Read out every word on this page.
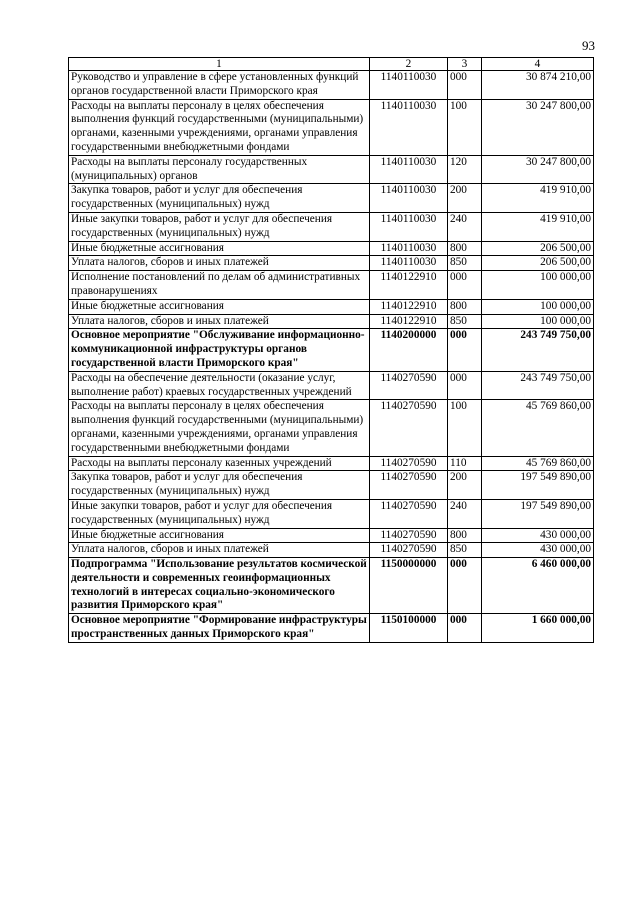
93
1	2	3	4
Руководство и управление в сфере установленных функций органов государственной власти Приморского края	1140110030	000	30 874 210,00
Расходы на выплаты персоналу в целях обеспечения выполнения функций государственными (муниципальными) органами, казенными учреждениями, органами управления государственными внебюджетными фондами	1140110030	100	30 247 800,00
Расходы на выплаты персоналу государственных (муниципальных) органов	1140110030	120	30 247 800,00
Закупка товаров, работ и услуг для обеспечения государственных (муниципальных) нужд	1140110030	200	419 910,00
Иные закупки товаров, работ и услуг для обеспечения государственных (муниципальных) нужд	1140110030	240	419 910,00
Иные бюджетные ассигнования	1140110030	800	206 500,00
Уплата налогов, сборов и иных платежей	1140110030	850	206 500,00
Исполнение постановлений по делам об административных правонарушениях	1140122910	000	100 000,00
Иные бюджетные ассигнования	1140122910	800	100 000,00
Уплата налогов, сборов и иных платежей	1140122910	850	100 000,00
Основное мероприятие "Обслуживание информационно-коммуникационной инфраструктуры органов государственной власти Приморского края"	1140200000	000	243 749 750,00
Расходы на обеспечение деятельности (оказание услуг, выполнение работ) краевых государственных учреждений	1140270590	000	243 749 750,00
Расходы на выплаты персоналу в целях обеспечения выполнения функций государственными (муниципальными) органами, казенными учреждениями, органами управления государственными внебюджетными фондами	1140270590	100	45 769 860,00
Расходы на выплаты персоналу казенных учреждений	1140270590	110	45 769 860,00
Закупка товаров, работ и услуг для обеспечения государственных (муниципальных) нужд	1140270590	200	197 549 890,00
Иные закупки товаров, работ и услуг для обеспечения государственных (муниципальных) нужд	1140270590	240	197 549 890,00
Иные бюджетные ассигнования	1140270590	800	430 000,00
Уплата налогов, сборов и иных платежей	1140270590	850	430 000,00
Подпрограмма "Использование результатов космической деятельности и современных геоинформационных технологий в интересах социально-экономического развития Приморского края"	1150000000	000	6 460 000,00
Основное мероприятие "Формирование инфраструктуры пространственных данных Приморского края"	1150100000	000	1 660 000,00
